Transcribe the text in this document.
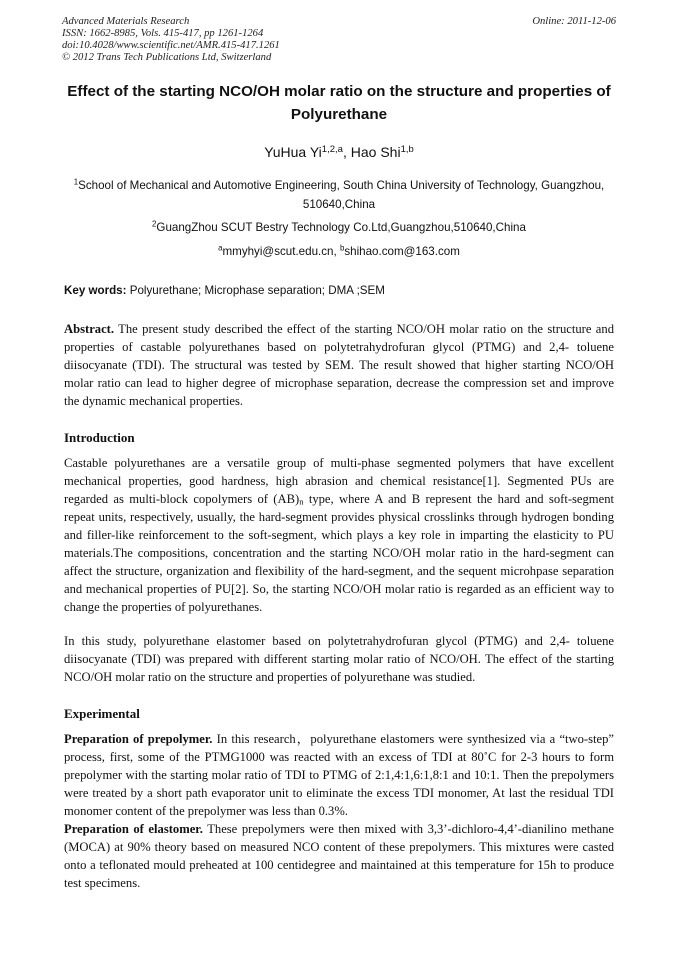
Advanced Materials Research
ISSN: 1662-8985, Vols. 415-417, pp 1261-1264
doi:10.4028/www.scientific.net/AMR.415-417.1261
© 2012 Trans Tech Publications Ltd, Switzerland
Online: 2011-12-06
Effect of the starting NCO/OH molar ratio on the structure and properties of Polyurethane
YuHua Yi$^{1,2,a}$, Hao Shi$^{1,b}$
$^1$School of Mechanical and Automotive Engineering, South China University of Technology, Guangzhou, 510640,China
$^2$GuangZhou SCUT Bestry Technology Co.Ltd,Guangzhou,510640,China
$^a$mmyhyi@scut.edu.cn, $^b$shihao.com@163.com
Key words: Polyurethane; Microphase separation; DMA ;SEM

Abstract. The present study described the effect of the starting NCO/OH molar ratio on the structure and properties of castable polyurethanes based on polytetrahydrofuran glycol (PTMG) and 2,4- toluene diisocyanate (TDI). The structural was tested by SEM. The result showed that higher starting NCO/OH molar ratio can lead to higher degree of microphase separation, decrease the compression set and improve the dynamic mechanical properties.

Introduction

Castable polyurethanes are a versatile group of multi-phase segmented polymers that have excellent mechanical properties, good hardness, high abrasion and chemical resistance[1]. Segmented PUs are regarded as multi-block copolymers of $(AB)_n$ type, where A and B represent the hard and soft-segment repeat units, respectively, usually, the hard-segment provides physical crosslinks through hydrogen bonding and filler-like reinforcement to the soft-segment, which plays a key role in imparting the elasticity to PU materials.The compositions, concentration and the starting NCO/OH molar ratio in the hard-segment can affect the structure, organization and flexibility of the hard-segment, and the sequent microhpase separation and mechanical properties of PU[2]. So, the starting NCO/OH molar ratio is regarded as an efficient way to change the properties of polyurethanes.

In this study, polyurethane elastomer based on polytetrahydrofuran glycol (PTMG) and 2,4- toluene diisocyanate (TDI) was prepared with different starting molar ratio of NCO/OH. The effect of the starting NCO/OH molar ratio on the structure and properties of polyurethane was studied.

Experimental

Preparation of prepolymer. In this research，polyurethane elastomers were synthesized via a “two-step” process, first, some of the PTMG1000 was reacted with an excess of TDI at 80˚C for 2-3 hours to form prepolymer with the starting molar ratio of TDI to PTMG of 2:1,4:1,6:1,8:1 and 10:1. Then the prepolymers were treated by a short path evaporator unit to eliminate the excess TDI monomer, At last the residual TDI monomer content of the prepolymer was less than 0.3%.

Preparation of elastomer. These prepolymers were then mixed with 3,3’-dichloro-4,4’-dianilino methane (MOCA) at 90% theory based on measured NCO content of these prepolymers. This mixtures were casted onto a teflonated mould preheated at 100 centidegree and maintained at this temperature for 15h to produce test specimens.
